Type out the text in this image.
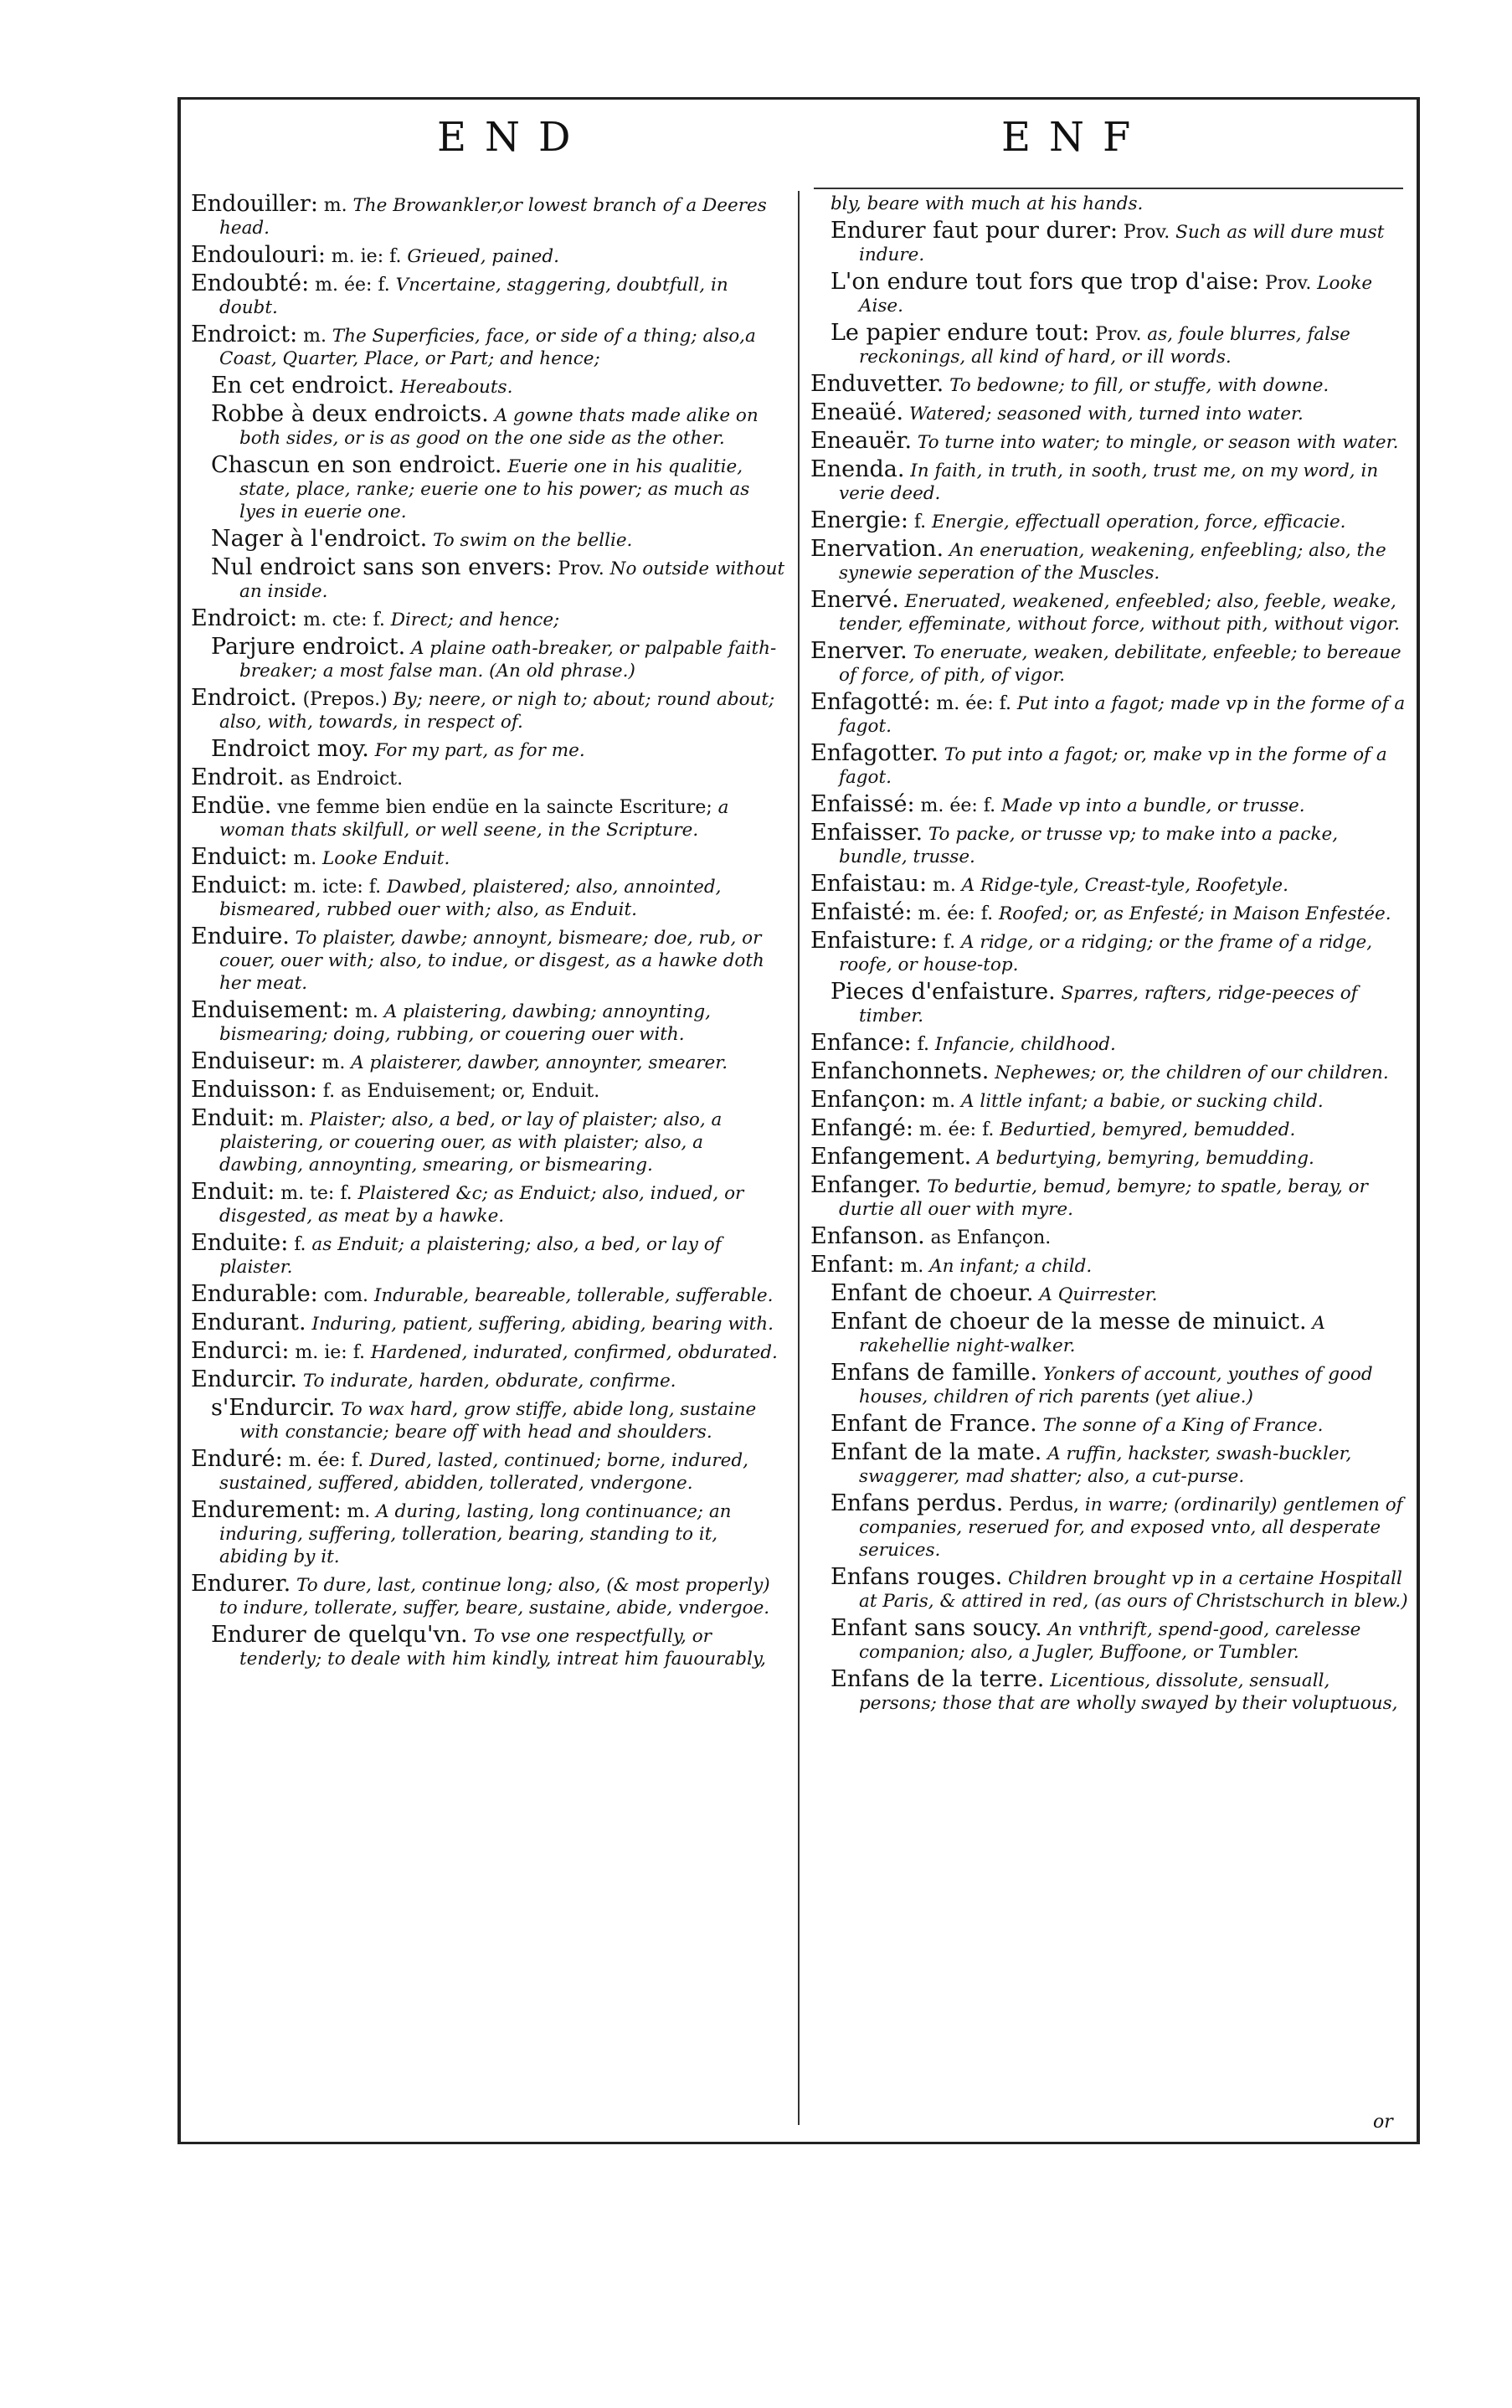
END	ENF
Endouiller: m. The Browankler,or lowest branch of a Deeres head.
Endoulouri: m. ie: f. Grieued, pained.
Endoubté: m. ée: f. Vncertaine, staggering, doubtfull, in doubt.
Endroict: m. The Superficies, face, or side of a thing; also,a Coast, Quarter, Place, or Part; and hence;
En cet endroict. Hereabouts.
Robbe à deux endroicts. A gowne thats made alike on both sides, or is as good on the one side as the other.
Chascun en son endroict. Euerie one in his qualitie, state, place, ranke; euerie one to his power; as much as lyes in euerie one.
Nager à l'endroict. To swim on the bellie.
Nul endroict sans son envers: Prov. No outside without an inside.
Endroict: m. cte: f. Direct; and hence;
Parjure endroict. A plaine oath-breaker, or palpable faith-breaker; a most false man. (An old phrase.)
Endroict. (Prepos.) By; neere, or nigh to; about; round about; also, with, towards, in respect of.
Endroict moy. For my part, as for me.
Endroit. as Endroict.
Endüe. vne femme bien endüe en la saincte Escriture; a woman thats skilfull, or well seene, in the Scripture.
Enduict: m. Looke Enduit.
Enduict: m. icte: f. Dawbed, plaistered; also, annointed, bismeared, rubbed ouer with; also, as Enduit.
Enduire. To plaister, dawbe; annoynt, bismeare; doe, rub, or couer, ouer with; also, to indue, or disgest, as a hawke doth her meat.
Enduisement: m. A plaistering, dawbing; annoynting, bismearing; doing, rubbing, or couering ouer with.
Enduiseur: m. A plaisterer, dawber, annoynter, smearer.
Enduisson: f. as Enduisement; or, Enduit.
Enduit: m. Plaister; also, a bed, or lay of plaister; also, a plaistering, or couering ouer, as with plaister; also, a dawbing, annoynting, smearing, or bismearing.
Enduit: m. te: f. Plaistered &c; as Enduict; also, indued, or disgested, as meat by a hawke.
Enduite: f. as Enduit; a plaistering; also, a bed, or lay of plaister.
Endurable: com. Indurable, beareable, tollerable, sufferable.
Endurant. Induring, patient, suffering, abiding, bearing with.
Endurci: m. ie: f. Hardened, indurated, confirmed, obdurated.
Endurcir. To indurate, harden, obdurate, confirme.
s'Endurcir. To wax hard, grow stiffe, abide long, sustaine with constancie; beare off with head and shoulders.
Enduré: m. ée: f. Dured, lasted, continued; borne, indured, sustained, suffered, abidden, tollerated, vndergone.
Endurement: m. A during, lasting, long continuance; an induring, suffering, tolleration, bearing, standing to it, abiding by it.
Endurer. To dure, last, continue long; also, (& most properly) to indure, tollerate, suffer, beare, sustaine, abide, vndergoe.
Endurer de quelqu'vn. To vse one respectfully, or tenderly; to deale with him kindly, intreat him fauourably,
bly, beare with much at his hands.
Endurer faut pour durer: Prov. Such as will dure must indure.
L'on endure tout fors que trop d'aise: Prov. Looke Aise.
Le papier endure tout: Prov. as, foule blurres, false reckonings, all kind of hard, or ill words.
Enduvetter. To bedowne; to fill, or stuffe, with downe.
Eneaüé. Watered; seasoned with, turned into water.
Eneauër. To turne into water; to mingle, or season with water.
Enenda. In faith, in truth, in sooth, trust me, on my word, in verie deed.
Energie: f. Energie, effectuall operation, force, efficacie.
Enervation. An eneruation, weakening, enfeebling; also, the synewie seperation of the Muscles.
Enervé. Eneruated, weakened, enfeebled; also, feeble, weake, tender, effeminate, without force, without pith, without vigor.
Enerver. To eneruate, weaken, debilitate, enfeeble; to bereaue of force, of pith, of vigor.
Enfagotté: m. ée: f. Put into a fagot; made vp in the forme of a fagot.
Enfagotter. To put into a fagot; or, make vp in the forme of a fagot.
Enfaissé: m. ée: f. Made vp into a bundle, or trusse.
Enfaisser. To packe, or trusse vp; to make into a packe, bundle, trusse.
Enfaistau: m. A Ridge-tyle, Creast-tyle, Roofetyle.
Enfaisté: m. ée: f. Roofed; or, as Enfesté; in Maison Enfestée.
Enfaisture: f. A ridge, or a ridging; or the frame of a ridge, roofe, or house-top.
Pieces d'enfaisture. Sparres, rafters, ridge-peeces of timber.
Enfance: f. Infancie, childhood.
Enfanchonnets. Nephewes; or, the children of our children.
Enfançon: m. A little infant; a babie, or sucking child.
Enfangé: m. ée: f. Bedurtied, bemyred, bemudded.
Enfangement. A bedurtying, bemyring, bemudding.
Enfanger. To bedurtie, bemud, bemyre; to spatle, beray, or durtie all ouer with myre.
Enfanson. as Enfançon.
Enfant: m. An infant; a child.
Enfant de choeur. A Quirrester.
Enfant de choeur de la messe de minuict. A rakehellie night-walker.
Enfans de famille. Yonkers of account, youthes of good houses, children of rich parents (yet aliue.)
Enfant de France. The sonne of a King of France.
Enfant de la mate. A ruffin, hackster, swash-buckler, swaggerer, mad shatter; also, a cut-purse.
Enfans perdus. Perdus, in warre; (ordinarily) gentlemen of companies, reserued for, and exposed vnto, all desperate seruices.
Enfans rouges. Children brought vp in a certaine Hospitall at Paris, & attired in red, (as ours of Christschurch in blew.)
Enfant sans soucy. An vnthrift, spend-good, carelesse companion; also, a Jugler, Buffoone, or Tumbler.
Enfans de la terre. Licentious, dissolute, sensuall, persons; those that are wholly swayed by their voluptuous,
or
